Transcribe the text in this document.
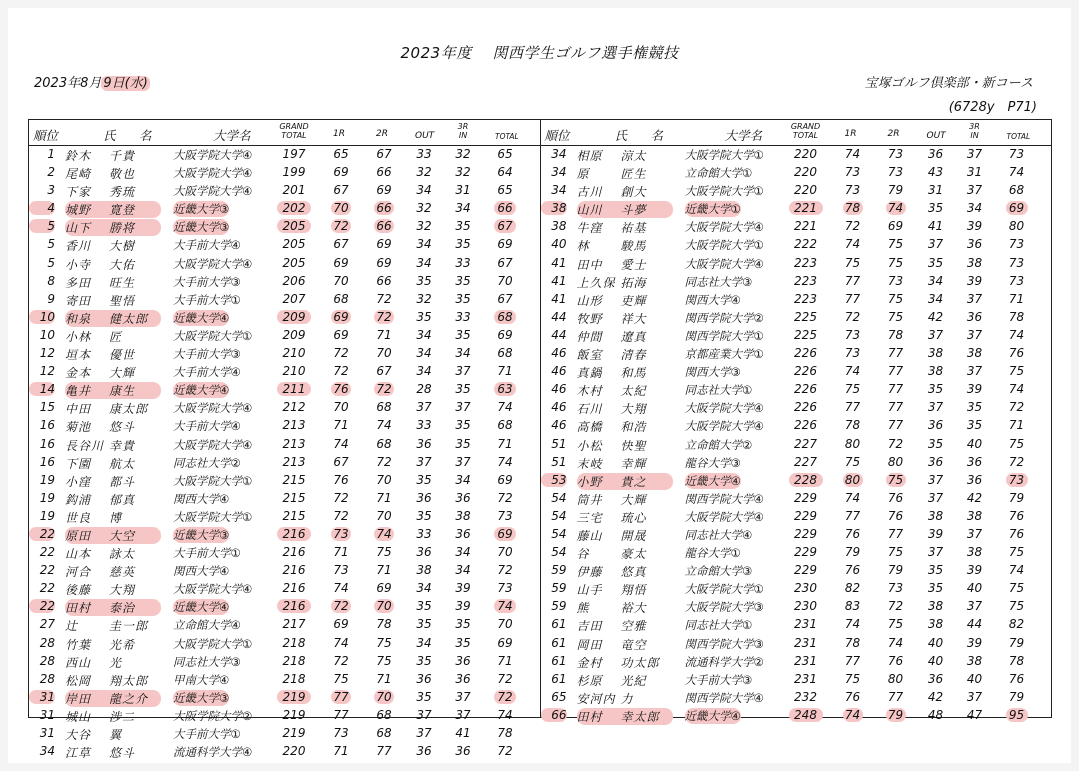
2023年度　 関西学生ゴルフ選手権競技
2023年8月 9日(水)	宝塚ゴルフ倶楽部・新コース
(6728y　P71)
順位	氏 名	大学名
GRAND
TOTAL	1R	2R	OUT
3R
IN	TOTAL
1 鈴木	千貴	大阪学院大学④	197	65 67 33 32 65
2 尾崎	敬也	大阪学院大学④	199	69 66 32 32 64
3 下家	秀琉	大阪学院大学④	201	67 69 34 31 65
4 城野	寛登	近畿大学③	202	70 66 32 34 66
5 山下	勝将	近畿大学③	205	72 66 32 35 67
5 香川	大樹	大手前大学④	205	67 69 34 35 69
5 小寺	大佑	大阪学院大学④	205	69 69 34 33 67
8 多田	旺生	大手前大学③	206	70 66 35 35 70
9 寄田	聖悟	大手前大学①	207	68 72 32 35 67
10 和泉	健太郎 近畿大学④	209	69 72 35 33 68
10 小林	匠	大阪学院大学①	209	69 71 34 35 69
12 垣本	優世	大手前大学③	210	72 70 34 34 68
12 金本	大輝	大手前大学④	210	72 67 34 37 71
14 亀井	康生	近畿大学④	211	76 72 28 35 63
15 中田	康太郎 大阪学院大学④	212	70 68 37 37 74
16 菊池	悠斗	大手前大学④	213	71 74 33 35 68
16 長谷川 幸貴	大阪学院大学④	213	74 68 36 35 71
16 下園	航太	同志社大学②	213	67 72 37 37 74
19 小窪	都斗	大阪学院大学①	215	76 70 35 34 69
19 鈎浦	郁真	関西大学④	215	72 71 36 36 72
19 世良	博	大阪学院大学①	215	72 70 35 38 73
22 原田	大空	近畿大学③	216	73 74 33 36 69
22 山本	詠太	大手前大学①	216	71 75 36 34 70
22 河合	慈英	関西大学④	216	73 71 38 34 72
22 後藤	大翔	大阪学院大学④	216	74 69 34 39 73
22 田村	泰治	近畿大学④	216	72 70 35 39 74
27 辻	圭一郎 立命館大学④	217	69 78 35 35 70
28 竹葉	光希	大阪学院大学①	218	74 75 34 35 69
28 西山	光	同志社大学③	218	72 75 35 36 71
28 松岡	翔太郎 甲南大学④	218	75 71 36 36 72
31 岸田	龍之介 近畿大学③	219	77 70 35 37 72
31 城山	涉二	大阪学院大学②	219	77 68 37 37 74
31 大谷	翼	大手前大学①	219	73 68 37 41 78
34 江草	悠斗	流通科学大学④	220	71 77 36 36 72
順位	氏 名	大学名
GRAND
TOTAL	1R	2R	OUT
3R
IN	TOTAL
34 相原	涼太	大阪学院大学①	220	74 73 36 37 73
34 原	匠生	立命館大学①	220	73 73 43 31 74
34 古川	創大	大阪学院大学①	220	73 79 31 37 68
38 山川	斗夢	近畿大学①	221	78 74 35 34 69
38 牛窪	祐基	大阪学院大学④	221	72 69 41 39 80
40 林	駿馬	大阪学院大学①	222	74 75 37 36 73
41 田中	愛士	大阪学院大学④	223	75 75 35 38 73
41 上久保 拓海	同志社大学③	223	77 73 34 39 73
41 山形	吏輝	関西大学④	223	77 75 34 37 71
44 牧野	祥大	関西学院大学②	225	72 75 42 36 78
44 仲間	遼真	関西学院大学①	225	73 78 37 37 74
46 飯室	清春	京都産業大学①	226	73 77 38 38 76
46 真鍋	和馬	関西大学③	226	74 77 38 37 75
46 木村	太紀	同志社大学①	226	75 77 35 39 74
46 石川	大翔	大阪学院大学④	226	77 77 37 35 72
46 高橋	和浩	大阪学院大学④	226	78 77 36 35 71
51 小松	快聖	立命館大学②	227	80 72 35 40 75
51 末岐	幸輝	龍谷大学③	227	75 80 36 36 72
53 小野	貴之	近畿大学④	228	80 75 37 36 73
54 筒井	大輝	関西学院大学④	229	74 76 37 42 79
54 三宅	琉心	大阪学院大学④	229	77 76 38 38 76
54 藤山	開晟	同志社大学④	229	76 77 39 37 76
54 谷	豪太	龍谷大学①	229	79 75 37 38 75
59 伊藤	悠真	立命館大学③	229	76 79 35 39 74
59 山手	翔悟	大阪学院大学①	230	82 73 35 40 75
59 熊	裕大	大阪学院大学③	230	83 72 38 37 75
61 吉田	空雅	同志社大学①	231	74 75 38 44 82
61 岡田	竜空	関西学院大学③	231	78 74 40 39 79
61 金村	功太郎 流通科学大学②	231	77 76 40 38 78
61 杉原	光紀	大手前大学③	231	75 80 36 40 76
65 安河内 力	関西学院大学④	232	76 77 42 37 79
66 田村	幸太郎 近畿大学④	248	74 79 48 47 95
